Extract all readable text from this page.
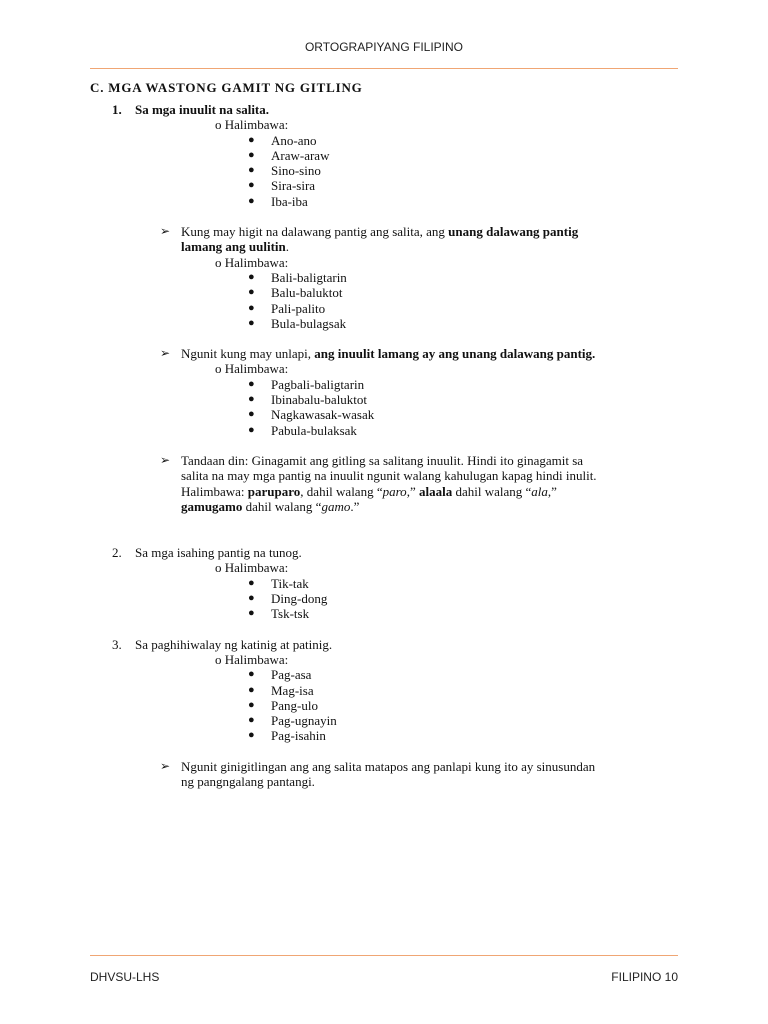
ORTOGRAPIYANG FILIPINO
C. MGA WASTONG GAMIT NG GITLING
1. Sa mga inuulit na salita.
o Halimbawa:
● Ano-ano
● Araw-araw
● Sino-sino
● Sira-sira
● Iba-iba
➢ Kung may higit na dalawang pantig ang salita, ang unang dalawang pantig
lamang ang uulitin.
o Halimbawa:
● Bali-baligtarin
● Balu-baluktot
● Pali-palito
● Bula-bulagsak
➢ Ngunit kung may unlapi, ang inuulit lamang ay ang unang dalawang pantig.
o Halimbawa:
● Pagbali-baligtarin
● Ibinabalu-baluktot
● Nagkawasak-wasak
● Pabula-bulaksak
➢ Tandaan din: Ginagamit ang gitling sa salitang inuulit. Hindi ito ginagamit sa
salita na may mga pantig na inuulit ngunit walang kahulugan kapag hindi inulit.
Halimbawa: paruparo, dahil walang “paro,” alaala dahil walang “ala,”
gamugamo dahil walang “gamo.”
2. Sa mga isahing pantig na tunog.
o Halimbawa:
● Tik-tak
● Ding-dong
● Tsk-tsk
3. Sa paghihiwalay ng katinig at patinig.
o Halimbawa:
● Pag-asa
● Mag-isa
● Pang-ulo
● Pag-ugnayin
● Pag-isahin
➢ Ngunit ginigitlingan ang ang salita matapos ang panlapi kung ito ay sinusundan
ng pangngalang pantangi.
DHVSU-LHS	FILIPINO 10
